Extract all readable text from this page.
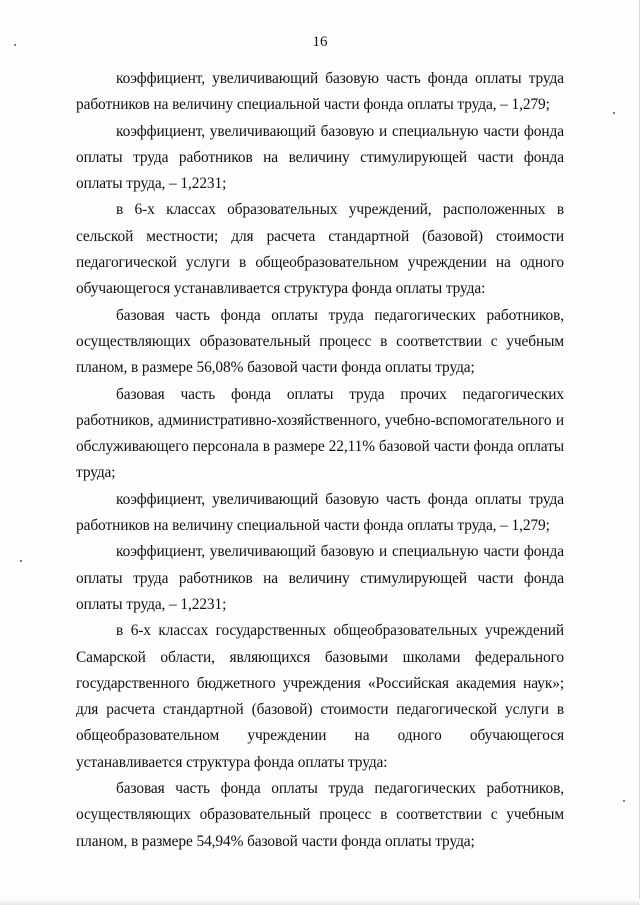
16

коэффициент, увеличивающий базовую часть фонда оплаты труда работников на величину специальной части фонда оплаты труда, – 1,279;

коэффициент, увеличивающий базовую и специальную части фонда оплаты труда работников на величину стимулирующей части фонда оплаты труда, – 1,2231;

в 6-х классах образовательных учреждений, расположенных в сельской местности; для расчета стандартной (базовой) стоимости педагогической услуги в общеобразовательном учреждении на одного обучающегося устанавливается структура фонда оплаты труда:

базовая часть фонда оплаты труда педагогических работников, осуществляющих образовательный процесс в соответствии с учебным планом, в размере 56,08% базовой части фонда оплаты труда;

базовая часть фонда оплаты труда прочих педагогических работников, административно-хозяйственного, учебно-вспомогательного и обслуживающего персонала в размере 22,11% базовой части фонда оплаты труда;

коэффициент, увеличивающий базовую часть фонда оплаты труда работников на величину специальной части фонда оплаты труда, – 1,279;

коэффициент, увеличивающий базовую и специальную части фонда оплаты труда работников на величину стимулирующей части фонда оплаты труда, – 1,2231;

в 6-х классах государственных общеобразовательных учреждений Самарской области, являющихся базовыми школами федерального государственного бюджетного учреждения «Российская академия наук»; для расчета стандартной (базовой) стоимости педагогической услуги в общеобразовательном учреждении на одного обучающегося устанавливается структура фонда оплаты труда:

базовая часть фонда оплаты труда педагогических работников, осуществляющих образовательный процесс в соответствии с учебным планом, в размере 54,94% базовой части фонда оплаты труда;
